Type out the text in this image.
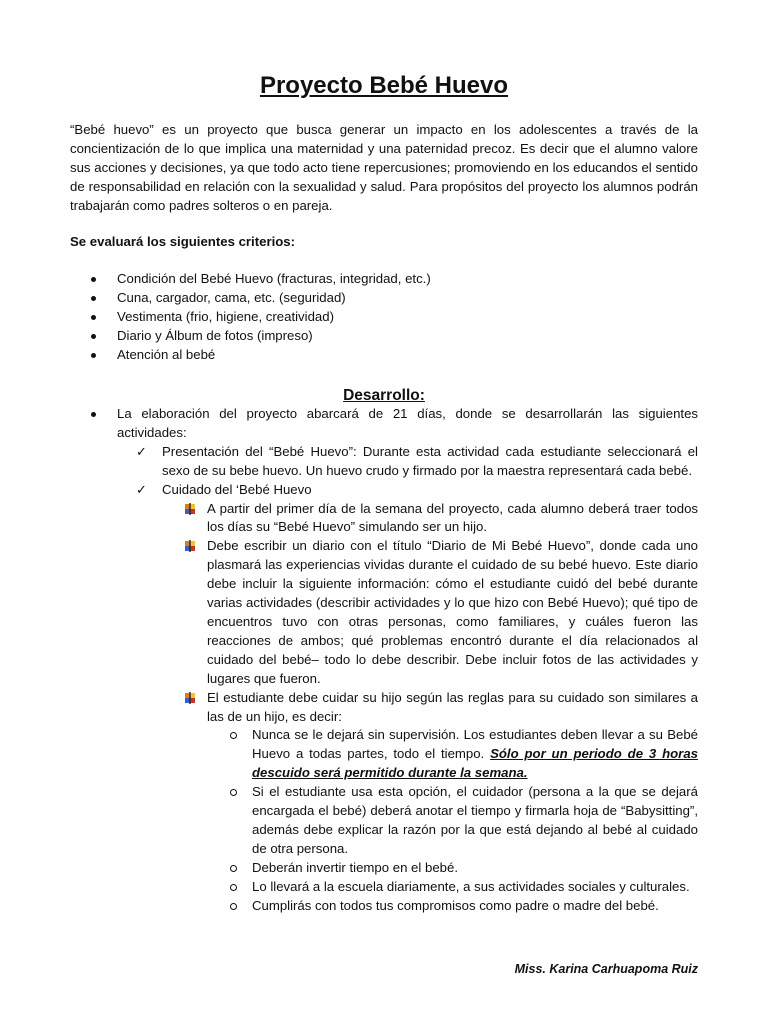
Proyecto Bebé Huevo

“Bebé huevo” es un proyecto que busca generar un impacto en los adolescentes a través de la concientización de lo que implica una maternidad y una paternidad precoz. Es decir que el alumno valore sus acciones y decisiones, ya que todo acto tiene repercusiones; promoviendo en los educandos el sentido de responsabilidad en relación con la sexualidad y salud. Para propósitos del proyecto los alumnos podrán trabajarán como padres solteros o en pareja.

Se evaluará los siguientes criterios:

Condición del Bebé Huevo (fracturas, integridad, etc.)
Cuna, cargador, cama, etc. (seguridad)
Vestimenta (frio, higiene, creatividad)
Diario y Álbum de fotos (impreso)
Atención al bebé
Desarrollo:
La elaboración del proyecto abarcará de 21 días, donde se desarrollarán las siguientes actividades:
✓ Presentación del “Bebé Huevo”: Durante esta actividad cada estudiante seleccionará el sexo de su bebe huevo. Un huevo crudo y firmado por la maestra representará cada bebé.
✓ Cuidado del ‘Bebé Huevo
A partir del primer día de la semana del proyecto, cada alumno deberá traer todos los días su “Bebé Huevo” simulando ser un hijo.
Debe escribir un diario con el título “Diario de Mi Bebé Huevo”, donde cada uno plasmará las experiencias vividas durante el cuidado de su bebé huevo. Este diario debe incluir la siguiente información: cómo el estudiante cuidó del bebé durante varias actividades (describir actividades y lo que hizo con Bebé Huevo); qué tipo de encuentros tuvo con otras personas, como familiares, y cuáles fueron las reacciones de ambos; qué problemas encontró durante el día relacionados al cuidado del bebé– todo lo debe describir. Debe incluir fotos de las actividades y lugares que fueron.
El estudiante debe cuidar su hijo según las reglas para su cuidado son similares a las de un hijo, es decir:
Nunca se le dejará sin supervisión. Los estudiantes deben llevar a su Bebé Huevo a todas partes, todo el tiempo. Sólo por un periodo de 3 horas descuido será permitido durante la semana.
Si el estudiante usa esta opción, el cuidador (persona a la que se dejará encargada el bebé) deberá anotar el tiempo y firmarla hoja de “Babysitting”, además debe explicar la razón por la que está dejando al bebé al cuidado de otra persona.
Deberán invertir tiempo en el bebé.
Lo llevará a la escuela diariamente, a sus actividades sociales y culturales.
Cumplirás con todos tus compromisos como padre o madre del bebé.

Miss. Karina Carhuapoma Ruiz
